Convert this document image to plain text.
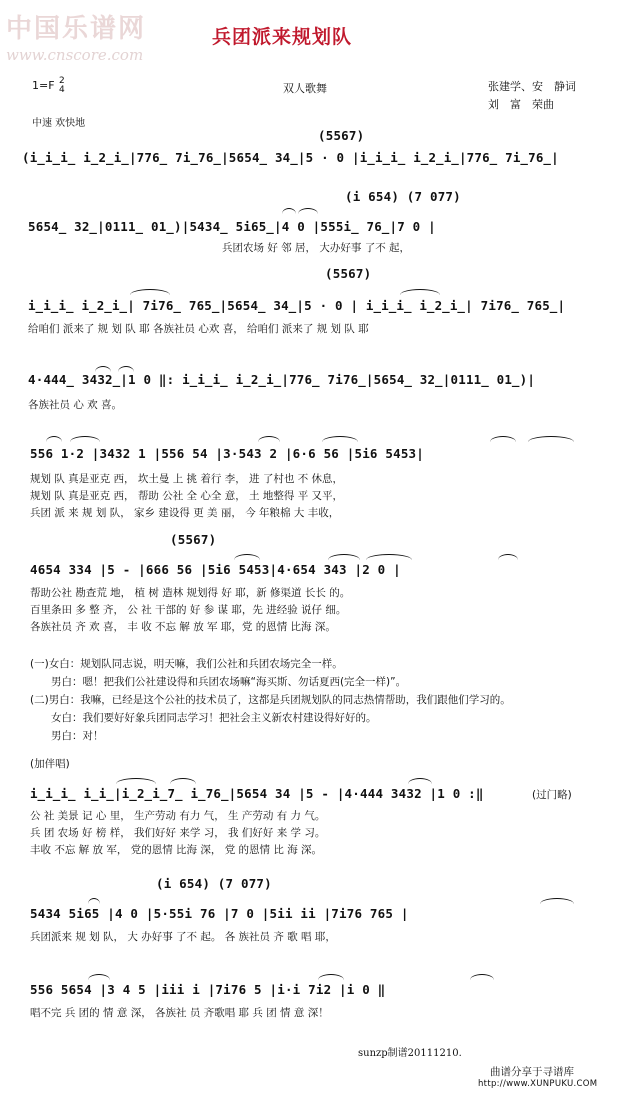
中国乐谱网
www.cnscore.com
兵团派来规划队
1=F 2
4	双人歌舞	张建学、安　静词
刘　富　荣曲
中速 欢快地
(5567)
(i̲i̲i̲ i̲2̲i̲|776̲ 7i̲76̲|5654̲ 34̲|5 · 0 |i̲i̲i̲ i̲2̲i̲|776̲ 7i̲76̲|
(i 654) (7 077)
5654̲ 32̲|0111̲ 01̲)|5434̲ 5i65̲|4 0 |555i̲ 76̲|7 0 |
兵团农场 好 邻 居， 大办好事 了不 起，
(5567)
i̲i̲i̲ i̲2̲i̲| 7i76̲ 765̲|5654̲ 34̲|5 · 0 | i̲i̲i̲ i̲2̲i̲| 7i76̲ 765̲|
给咱们 派来了 规 划 队 耶 各族社员 心欢 喜， 给咱们 派来了 规 划 队 耶
4·444̲ 3432̲|1 0 ‖: i̲i̲i̲ i̲2̲i̲|776̲ 7i76̲|5654̲ 32̲|0111̲ 01̲)|
各族社员 心 欢 喜。
556 1·2 |3432 1 |556 54 |3·543 2 |6·6 56 |5i6 5453|
规划 队 真是亚克 西， 坎土曼 上 挑 着行 李， 进 了村也 不 休息，
规划 队 真是亚克 西， 帮助 公社 全 心全 意， 土 地整得 平 又平，
兵团 派 来 规 划 队， 家乡 建设得 更 美 丽， 今 年粮棉 大 丰收，
(5567)
4654 334 |5 - |666 56 |5i6 5453|4·654 343 |2 0 |
帮助公社 勘查荒 地， 植 树 造林 规划得 好 耶，新 修渠道 长长 的。
百里条田 多 整 齐， 公 社 干部的 好 参 谋 耶，先 进经验 说仔 细。
各族社员 齐 欢 喜， 丰 收 不忘 解 放 军 耶，党 的恩情 比海 深。
(一)女白：规划队同志说，明天嘛，我们公社和兵团农场完全一样。
　　男白：嗯！把我们公社建设得和兵团农场嘛“海买斯、勿话夏西(完全一样)”。
(二)男白：我嘛，已经是这个公社的技术员了，这都是兵团规划队的同志热情帮助，我们跟他们学习的。
　　女白：我们要好好象兵团同志学习！把社会主义新农村建设得好好的。
　　男白：对！
(加伴唱)
i̲i̲i̲ i̲i̲|i̲2̲i̲7̲ i̲76̲|5654 34 |5 - |4·444 3432 |1 0 :‖	(过门略)
公 社 美景 记 心 里， 生产劳动 有力 气， 生 产劳动 有 力 气。
兵 团 农场 好 榜 样， 我们好好 来学 习， 我 们好好 来 学 习。
丰收 不忘 解 放 军， 党的恩情 比海 深， 党 的恩情 比 海 深。
(i 654) (7 077)
5434 5i65 |4 0 |5·55i 76 |7 0 |5ii ii |7i76 765 |
兵团派来 规 划 队， 大 办好事 了不 起。 各 族社员 齐 歌 唱 耶，
556 5654 |3 4 5 |iii i |7i76 5 |i·i 7i2 |i 0 ‖
唱不完 兵 团的 情 意 深， 各族社 员 齐歌唱 耶 兵 团 情 意 深！
sunzp制谱20111210.
曲谱分享于寻谱库
http://www.XUNPUKU.COM
